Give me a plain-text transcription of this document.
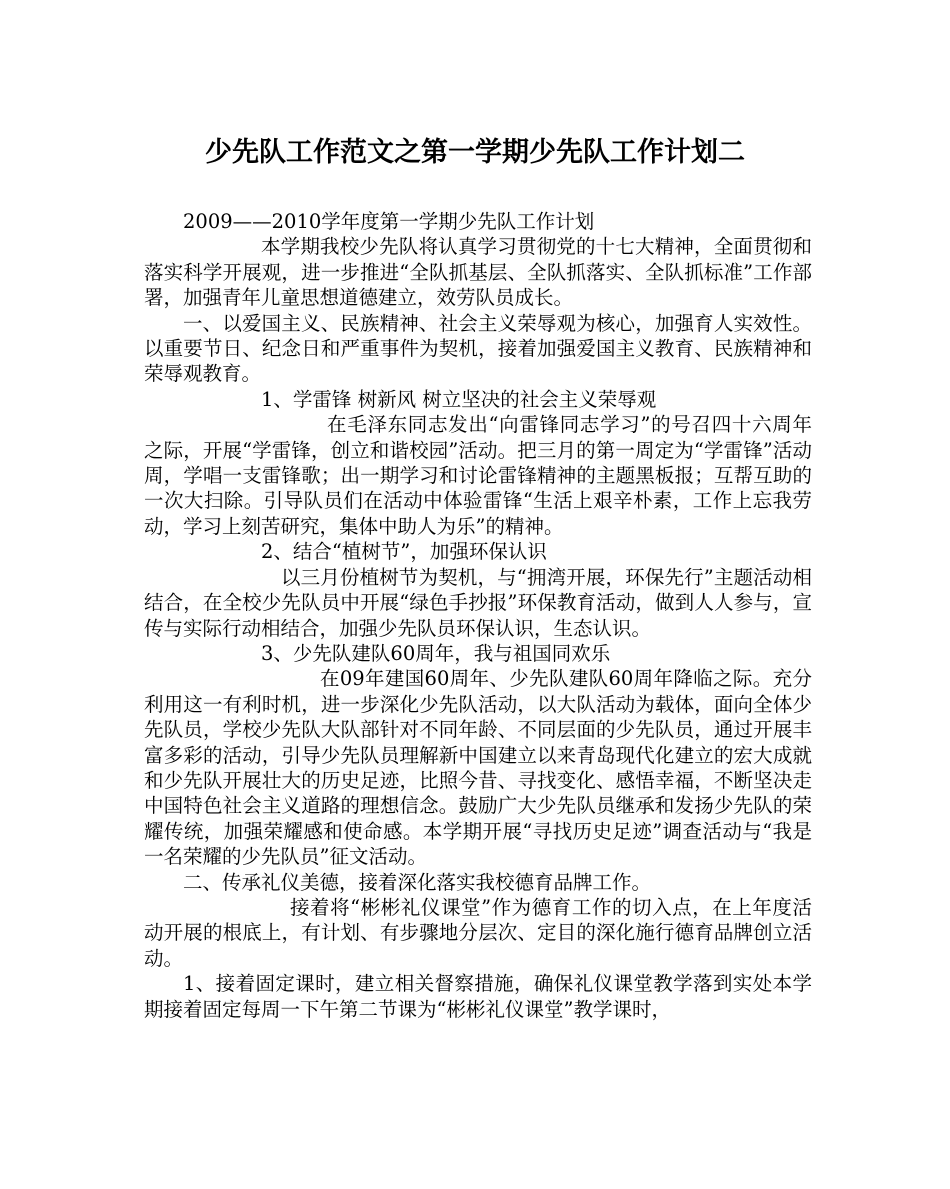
少先队工作范文之第一学期少先队工作计划二

2009——2010学年度第一学期少先队工作计划

本学期我校少先队将认真学习贯彻党的十七大精神，全面贯彻和落实科学开展观，进一步推进“全队抓基层、全队抓落实、全队抓标准”工作部署，加强青年儿童思想道德建立，效劳队员成长。

一、以爱国主义、民族精神、社会主义荣辱观为核心，加强育人实效性。以重要节日、纪念日和严重事件为契机，接着加强爱国主义教育、民族精神和荣辱观教育。

1、学雷锋 树新风 树立坚决的社会主义荣辱观

在毛泽东同志发出“向雷锋同志学习”的号召四十六周年之际，开展“学雷锋，创立和谐校园”活动。把三月的第一周定为“学雷锋”活动周，学唱一支雷锋歌；出一期学习和讨论雷锋精神的主题黑板报；互帮互助的一次大扫除。引导队员们在活动中体验雷锋“生活上艰辛朴素，工作上忘我劳动，学习上刻苦研究，集体中助人为乐”的精神。

2、结合“植树节”，加强环保认识

以三月份植树节为契机，与“拥湾开展，环保先行”主题活动相结合，在全校少先队员中开展“绿色手抄报”环保教育活动，做到人人参与，宣传与实际行动相结合，加强少先队员环保认识，生态认识。

3、少先队建队60周年，我与祖国同欢乐

在09年建国60周年、少先队建队60周年降临之际。充分利用这一有利时机，进一步深化少先队活动，以大队活动为载体，面向全体少先队员，学校少先队大队部针对不同年龄、不同层面的少先队员，通过开展丰富多彩的活动，引导少先队员理解新中国建立以来青岛现代化建立的宏大成就和少先队开展壮大的历史足迹，比照今昔、寻找变化、感悟幸福，不断坚决走中国特色社会主义道路的理想信念。鼓励广大少先队员继承和发扬少先队的荣耀传统，加强荣耀感和使命感。本学期开展“寻找历史足迹”调查活动与“我是一名荣耀的少先队员”征文活动。

二、传承礼仪美德，接着深化落实我校德育品牌工作。

接着将“彬彬礼仪课堂”作为德育工作的切入点，在上年度活动开展的根底上，有计划、有步骤地分层次、定目的深化施行德育品牌创立活动。

1、接着固定课时，建立相关督察措施，确保礼仪课堂教学落到实处本学期接着固定每周一下午第二节课为“彬彬礼仪课堂”教学课时，
